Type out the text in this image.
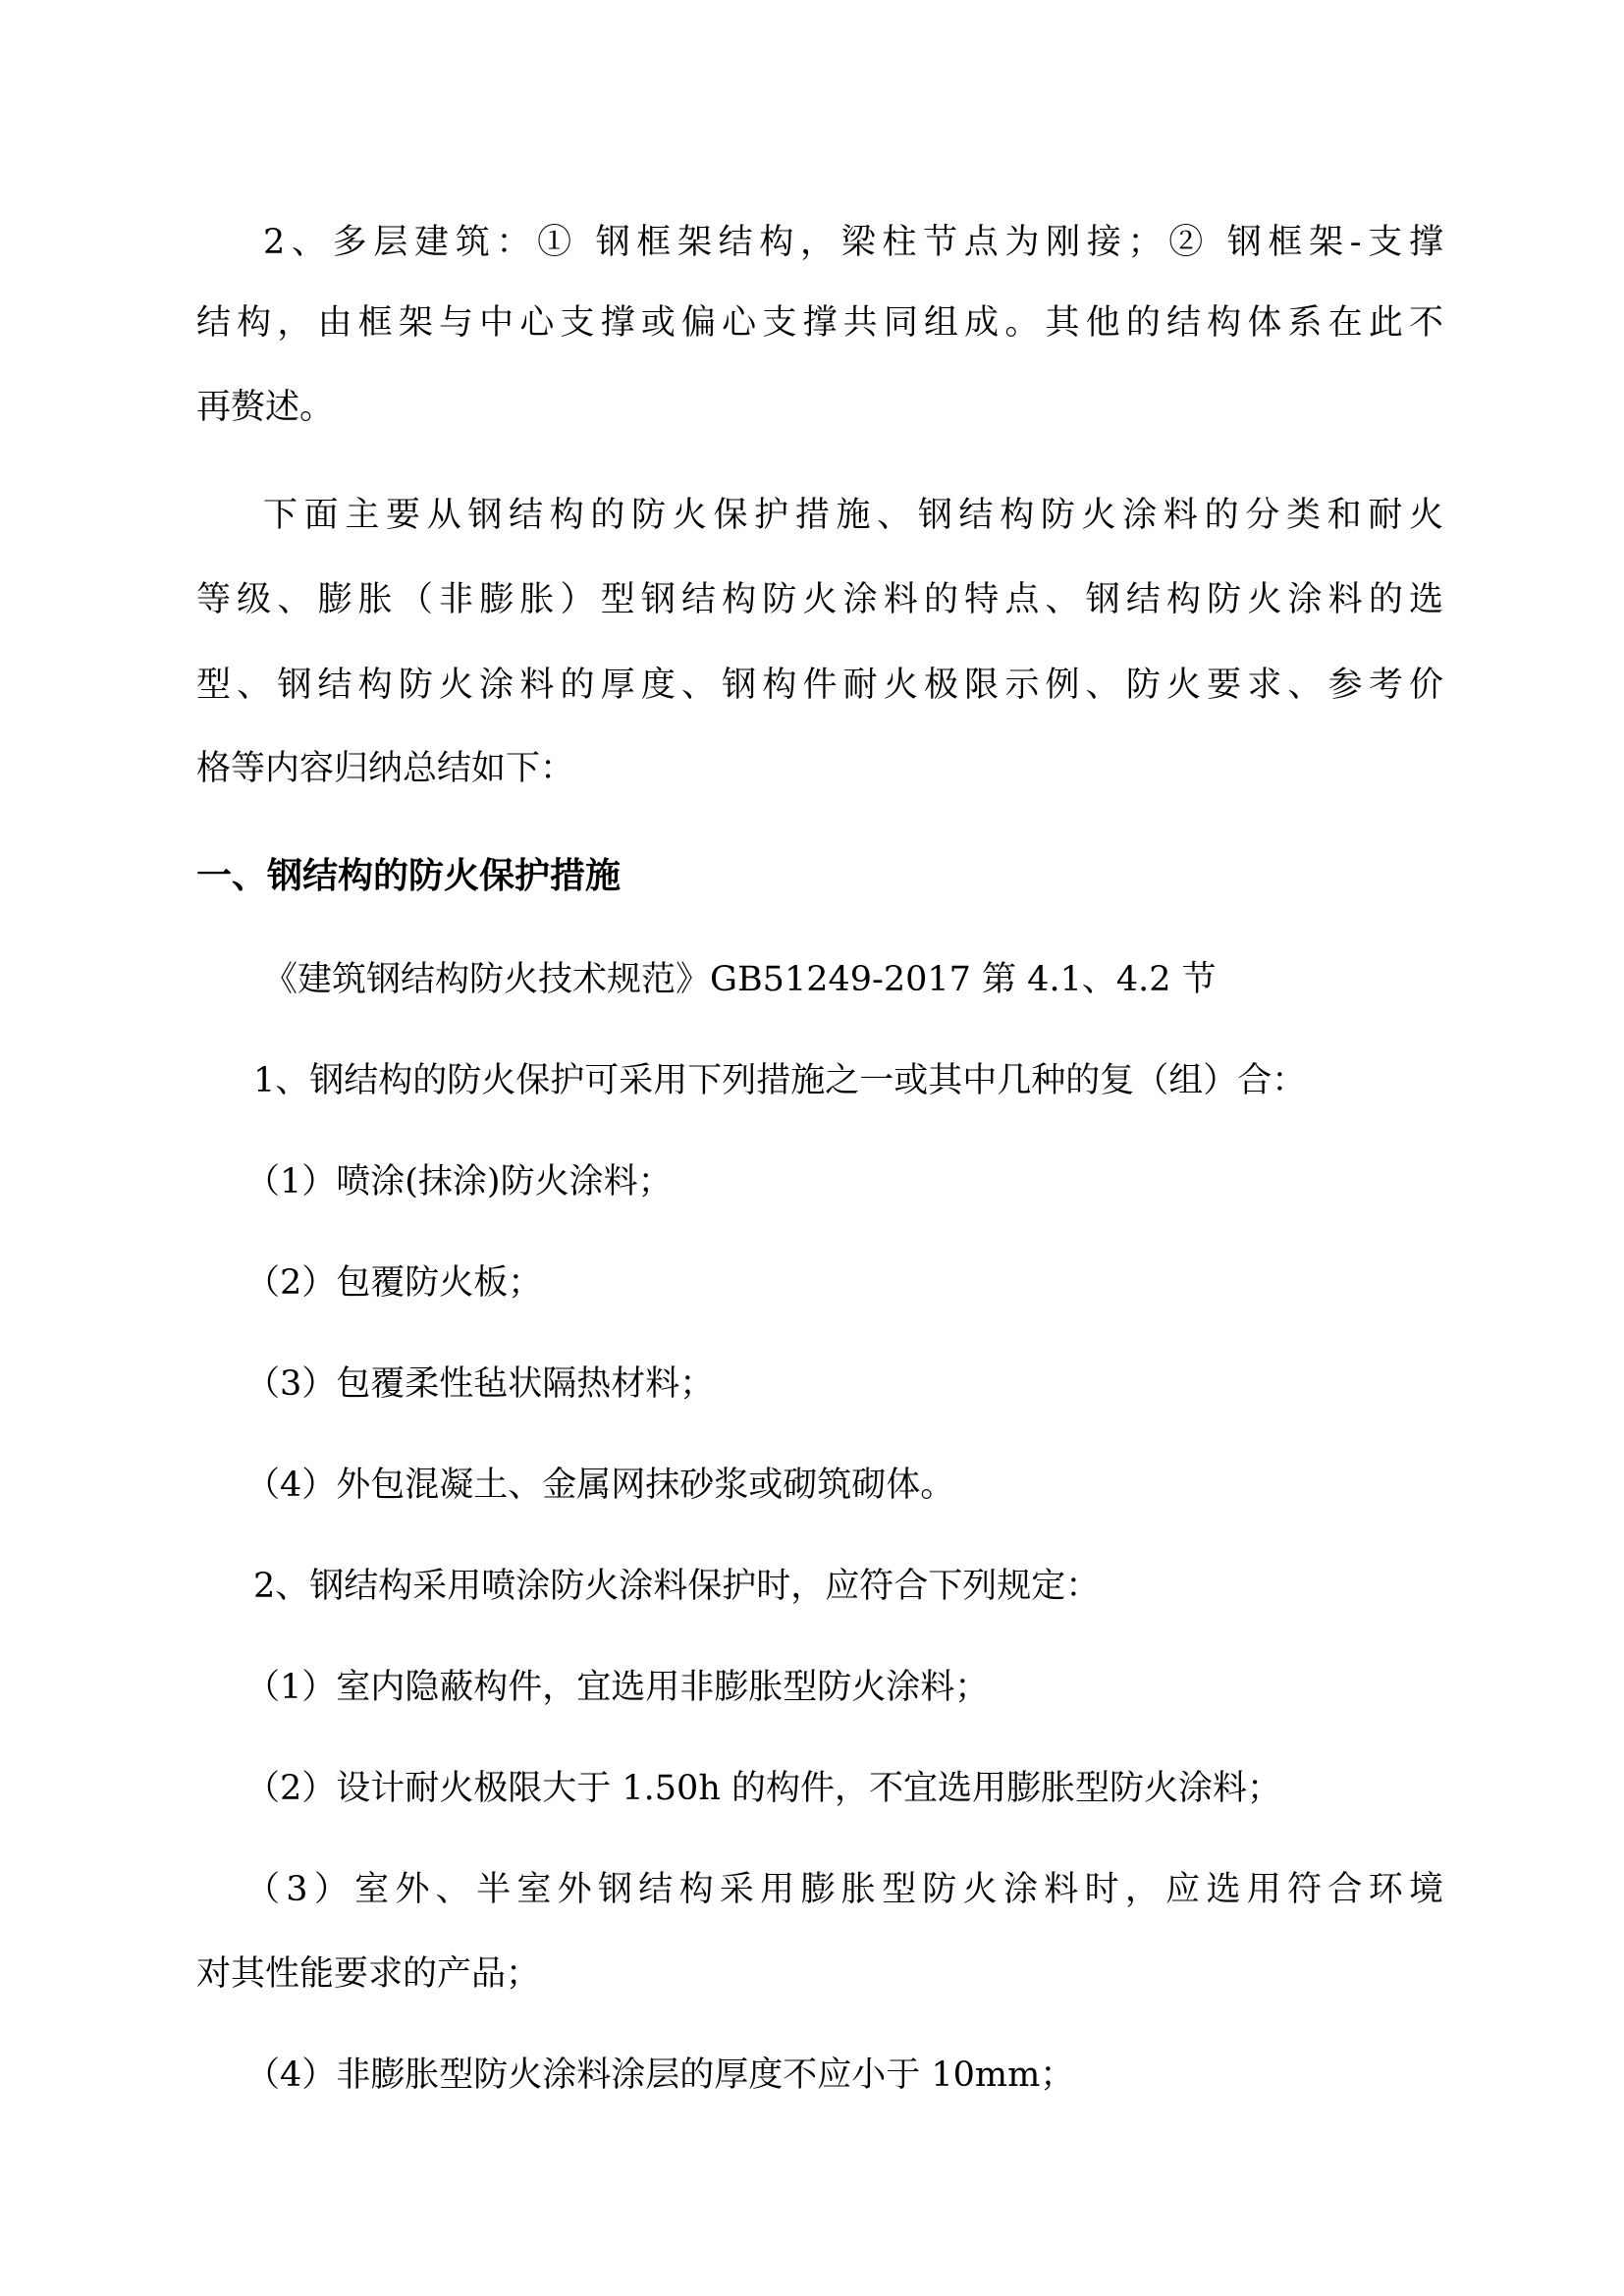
2、多层建筑：① 钢框架结构，梁柱节点为刚接；② 钢框架-支撑
结构，由框架与中心支撑或偏心支撑共同组成。其他的结构体系在此不
再赘述。
下面主要从钢结构的防火保护措施、钢结构防火涂料的分类和耐火
等级、膨胀（非膨胀）型钢结构防火涂料的特点、钢结构防火涂料的选
型、钢结构防火涂料的厚度、钢构件耐火极限示例、防火要求、参考价
格等内容归纳总结如下：
一、钢结构的防火保护措施
《建筑钢结构防火技术规范》GB51249-2017 第 4.1、4.2 节
1、钢结构的防火保护可采用下列措施之一或其中几种的复（组）合：
（1）喷涂(抹涂)防火涂料；
（2）包覆防火板；
（3）包覆柔性毡状隔热材料；
（4）外包混凝土、金属网抹砂浆或砌筑砌体。
2、钢结构采用喷涂防火涂料保护时，应符合下列规定：
（1）室内隐蔽构件，宜选用非膨胀型防火涂料；
（2）设计耐火极限大于 1.50h 的构件，不宜选用膨胀型防火涂料；
（3）室外、半室外钢结构采用膨胀型防火涂料时，应选用符合环境
对其性能要求的产品；
（4）非膨胀型防火涂料涂层的厚度不应小于 10mm；
